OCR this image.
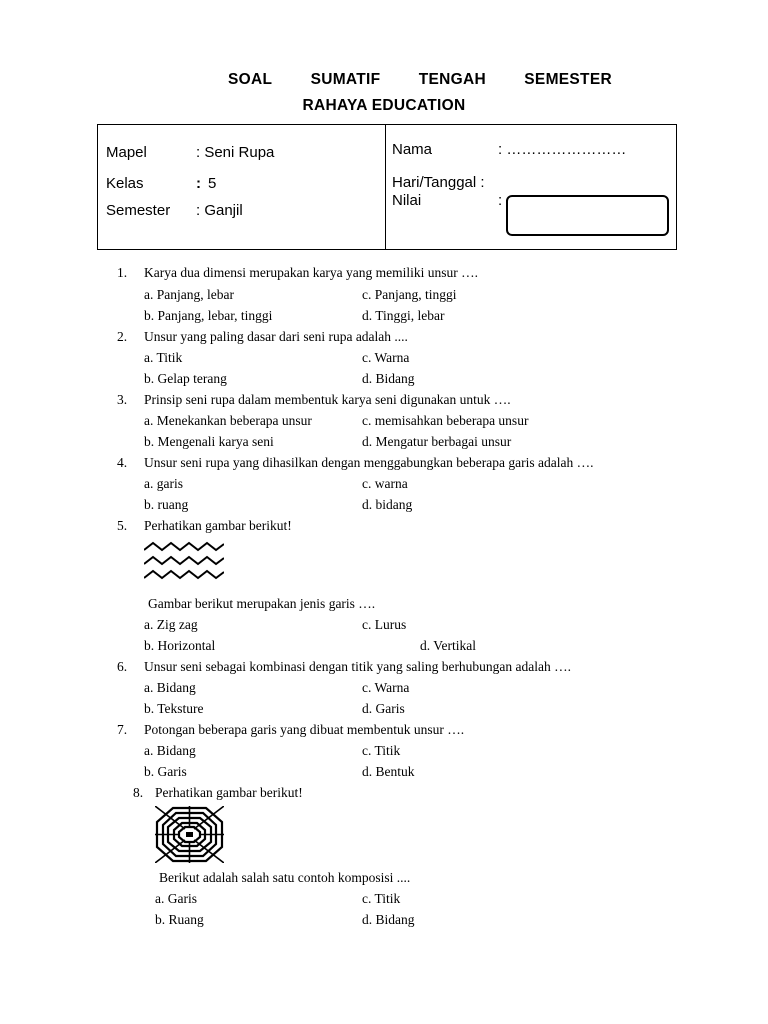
SOAL SUMATIF TENGAH SEMESTER
RAHAYA EDUCATION
Mapel	: Seni Rupa
Kelas	: 5
Semester : Ganjil
Nama	: ……………………
Hari/Tanggal :
Nilai	:
1. Karya dua dimensi merupakan karya yang memiliki unsur ….
a. Panjang, lebar	c. Panjang, tinggi
b. Panjang, lebar, tinggi	d. Tinggi, lebar
2. Unsur yang paling dasar dari seni rupa adalah ....
a. Titik	c. Warna
b. Gelap terang	d. Bidang
3. Prinsip seni rupa dalam membentuk karya seni digunakan untuk ….
a. Menekankan beberapa unsur	c. memisahkan beberapa unsur
b. Mengenali karya seni	d. Mengatur berbagai unsur
4. Unsur seni rupa yang dihasilkan dengan menggabungkan beberapa garis adalah ….
a. garis	c. warna
b. ruang	d. bidang
5. Perhatikan gambar berikut!
Gambar berikut merupakan jenis garis ….
a. Zig zag	c. Lurus
b. Horizontal	d. Vertikal
6. Unsur seni sebagai kombinasi dengan titik yang saling berhubungan adalah ….
a. Bidang	c. Warna
b. Teksture	d. Garis
7. Potongan beberapa garis yang dibuat membentuk unsur ….
a. Bidang	c. Titik
b. Garis	d. Bentuk
8. Perhatikan gambar berikut!
Berikut adalah salah satu contoh komposisi ....
a. Garis	c. Titik
b. Ruang	d. Bidang
